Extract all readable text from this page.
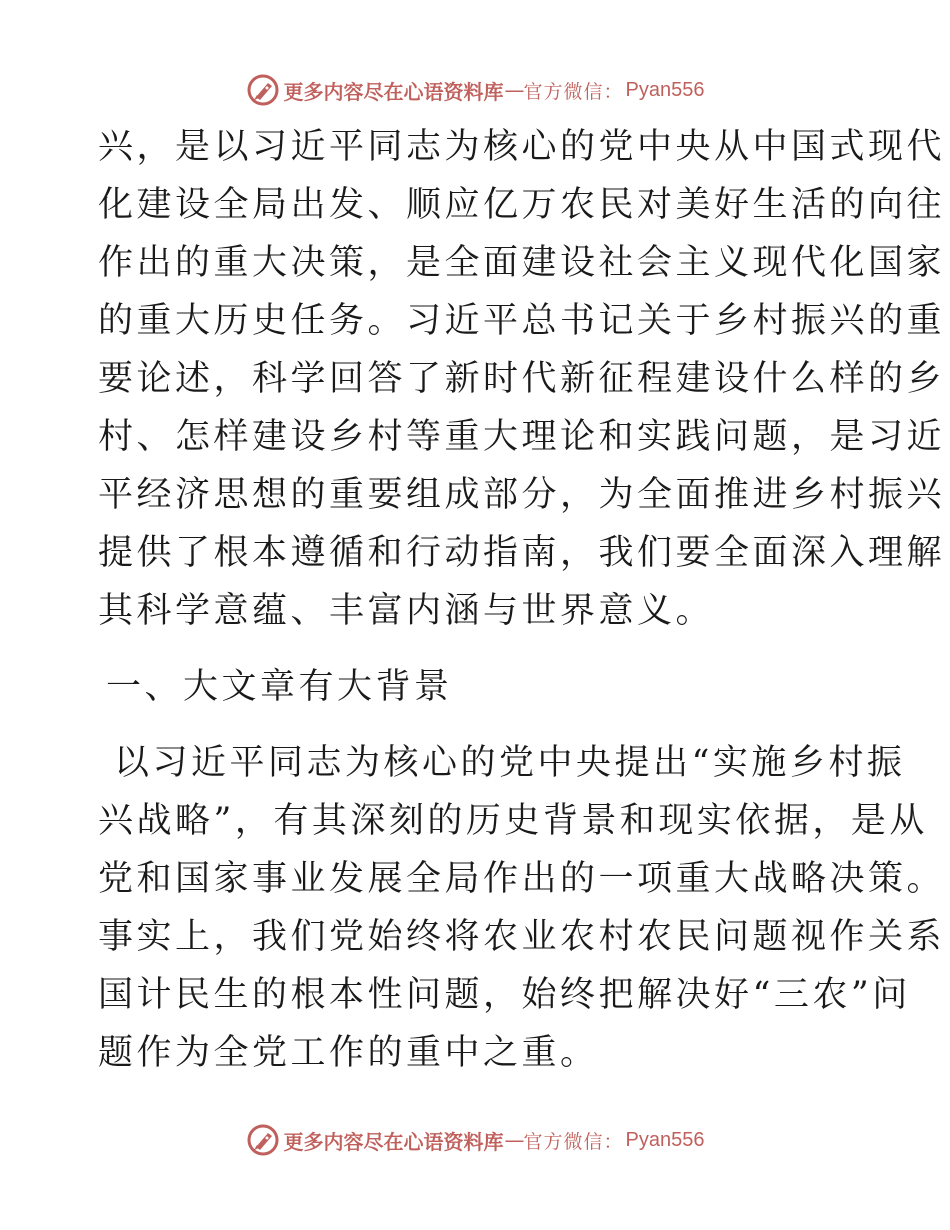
更多内容尽在心语资料库 — 官方微信： Pyan556
兴，是以习近平同志为核心的党中央从中国式现代
化建设全局出发、顺应亿万农民对美好生活的向往
作出的重大决策，是全面建设社会主义现代化国家
的重大历史任务。习近平总书记关于乡村振兴的重
要论述，科学回答了新时代新征程建设什么样的乡
村、怎样建设乡村等重大理论和实践问题，是习近
平经济思想的重要组成部分，为全面推进乡村振兴
提供了根本遵循和行动指南，我们要全面深入理解
其科学意蕴、丰富内涵与世界意义。
一、大文章有大背景
以习近平同志为核心的党中央提出“实施乡村振
兴战略”，有其深刻的历史背景和现实依据，是从
党和国家事业发展全局作出的一项重大战略决策。
事实上，我们党始终将农业农村农民问题视作关系
国计民生的根本性问题，始终把解决好“三农”问
题作为全党工作的重中之重。
更多内容尽在心语资料库 — 官方微信： Pyan556
